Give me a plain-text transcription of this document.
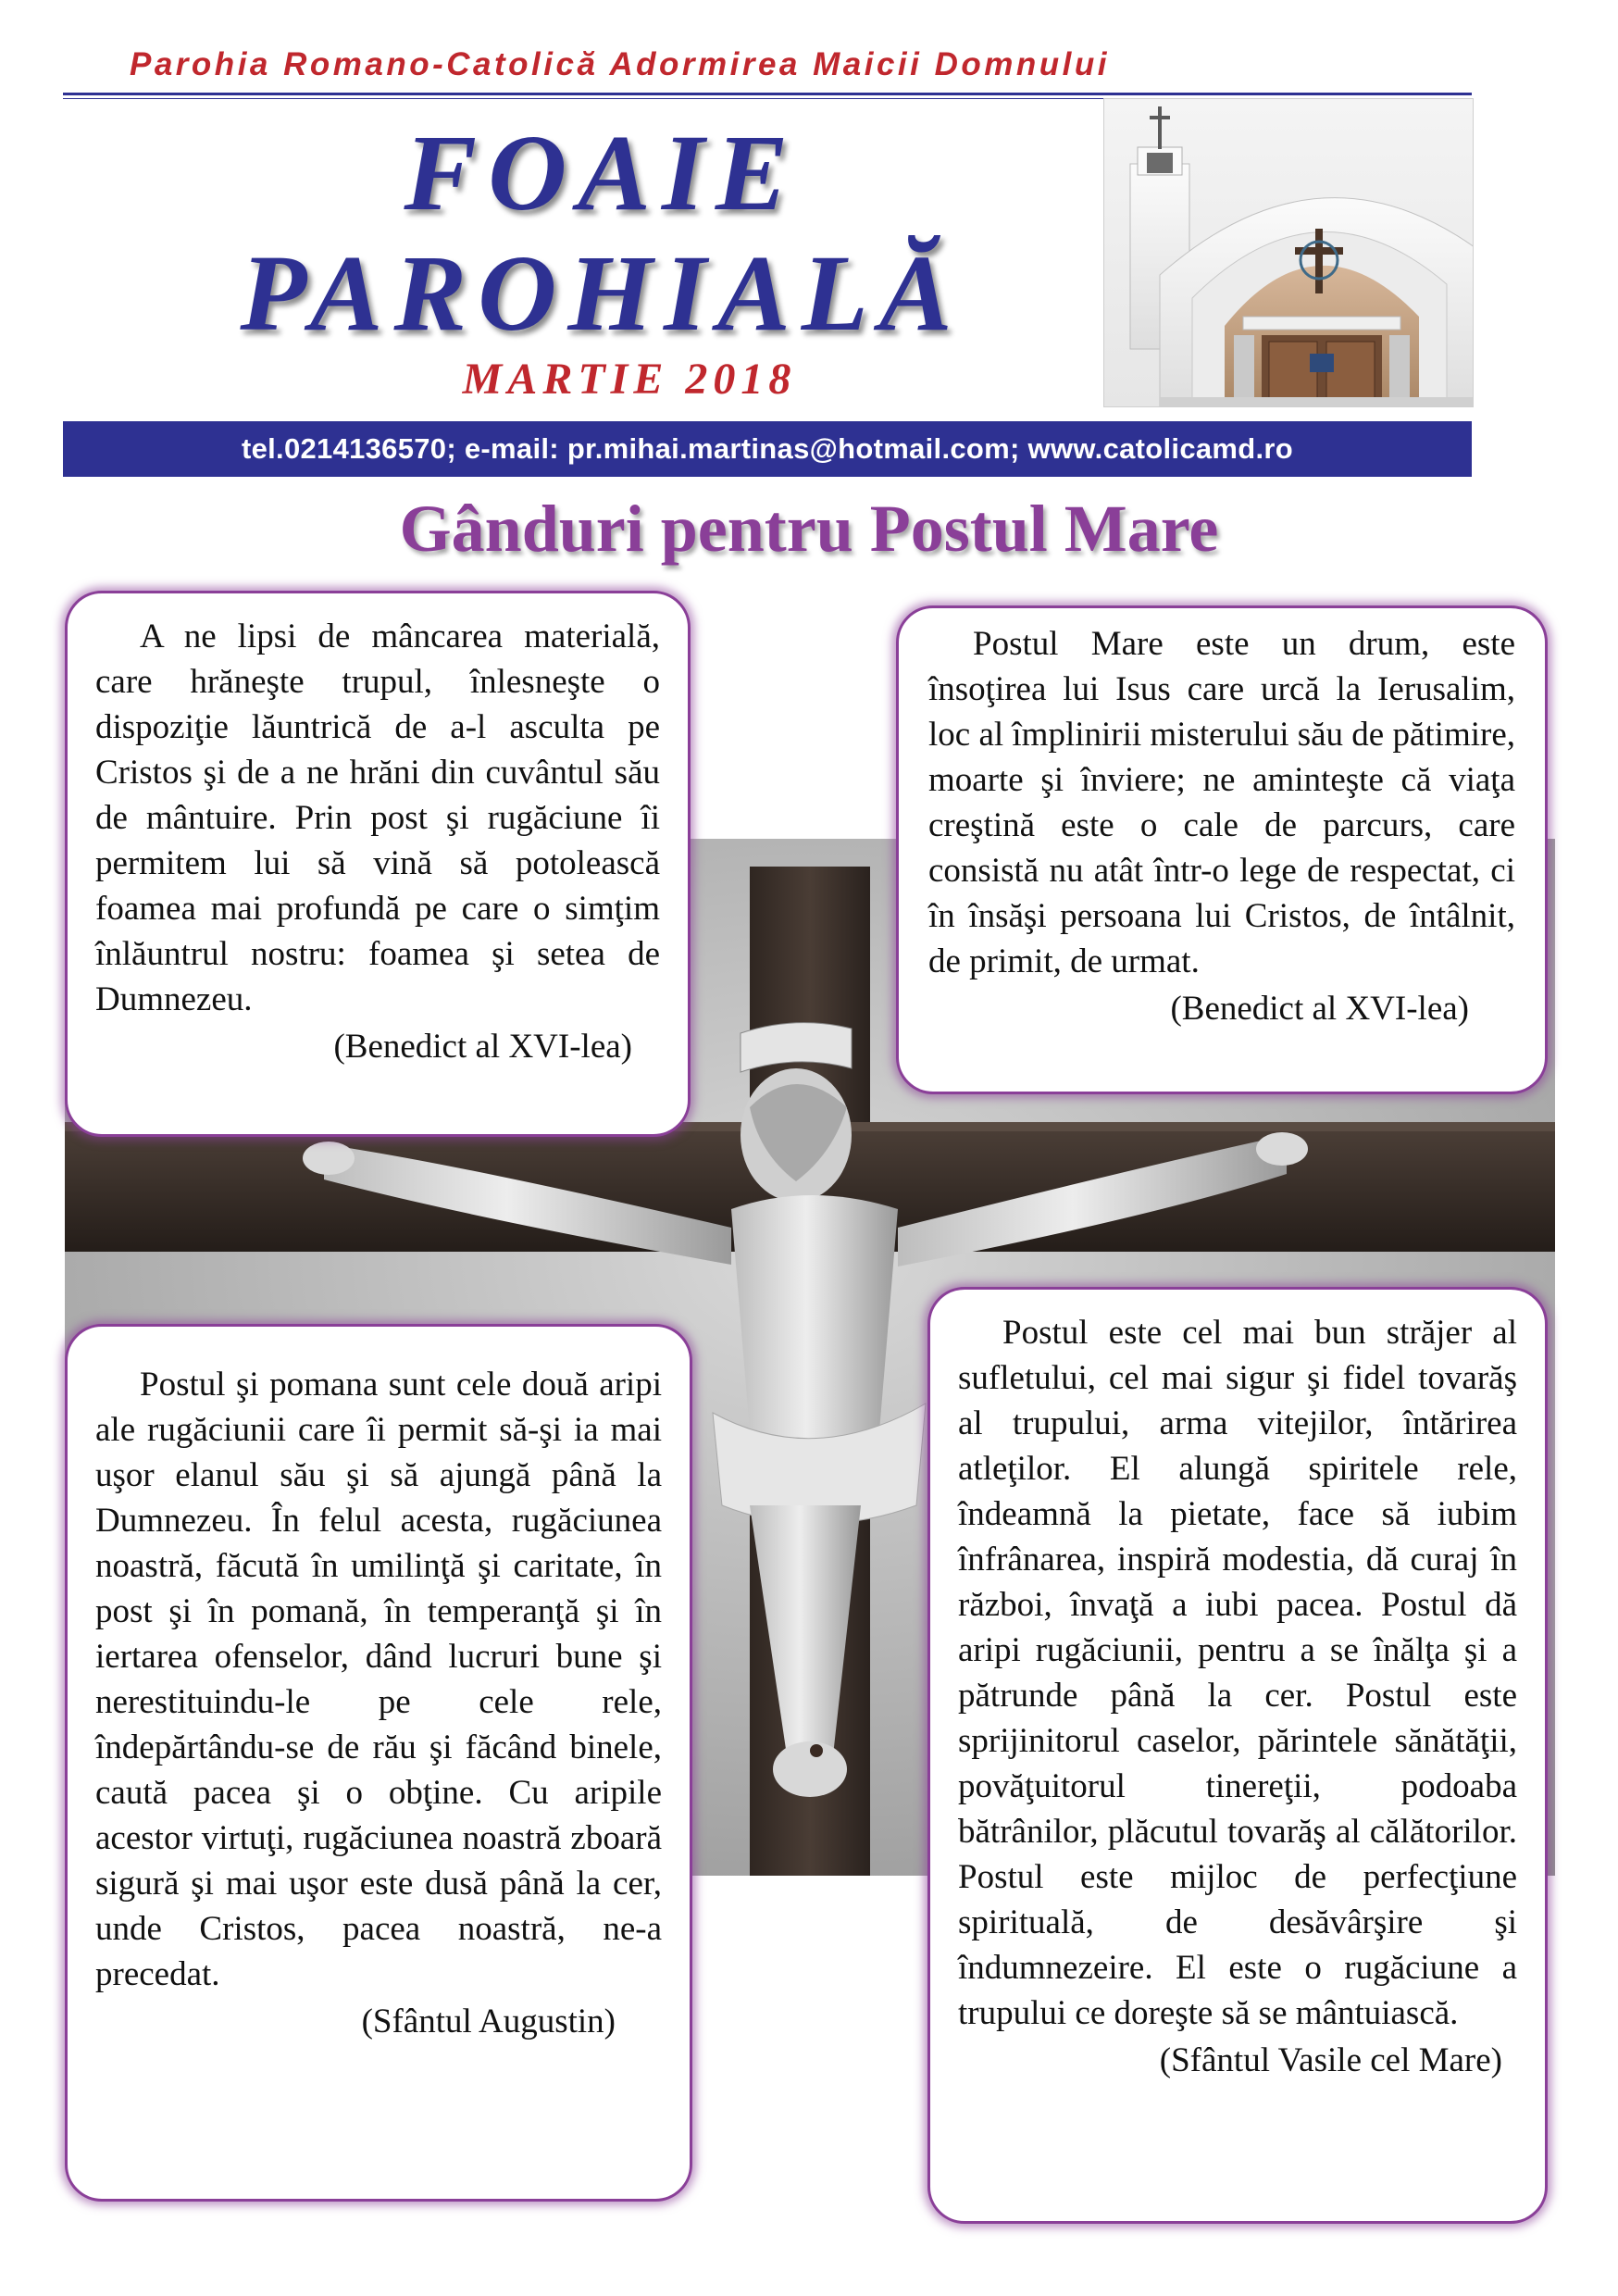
Parohia Romano-Catolică Adormirea Maicii Domnului
FOAIE
PAROHIALĂ
MARTIE 2018
tel.0214136570; e-mail: pr.mihai.martinas@hotmail.com; www.catolicamd.ro
Gânduri pentru Postul Mare

A ne lipsi de mâncarea materială, care hrăneşte trupul, înlesneşte o dispoziţie lăuntrică de a-l asculta pe Cristos şi de a ne hrăni din cuvântul său de mântuire. Prin post şi rugăciune îi permitem lui să vină să potolească foamea mai profundă pe care o simţim înlăuntrul nostru: foamea şi setea de Dumnezeu.

(Benedict al XVI-lea)

Postul Mare este un drum, este însoţirea lui Isus care urcă la Ierusalim, loc al împlinirii misterului său de pătimire, moarte şi înviere; ne aminteşte că viaţa creştină este o cale de parcurs, care consistă nu atât într-o lege de respectat, ci în însăşi persoana lui Cristos, de întâlnit, de primit, de urmat.

(Benedict al XVI-lea)

Postul şi pomana sunt cele două aripi ale rugăciunii care îi permit să-şi ia mai uşor elanul său şi să ajungă până la Dumnezeu. În felul acesta, rugăciunea noastră, făcută în umilinţă şi caritate, în post şi în pomană, în temperanţă şi în iertarea ofenselor, dând lucruri bune şi nerestituindu-le pe cele rele, îndepărtându-se de rău şi făcând binele, caută pacea şi o obţine. Cu aripile acestor virtuţi, rugăciunea noastră zboară sigură şi mai uşor este dusă până la cer, unde Cristos, pacea noastră, ne-a precedat.

(Sfântul Augustin)

Postul este cel mai bun străjer al sufletului, cel mai sigur şi fidel tovarăş al trupului, arma vitejilor, întărirea atleţilor. El alungă spiritele rele, îndeamnă la pietate, face să iubim înfrânarea, inspiră modestia, dă curaj în război, învaţă a iubi pacea. Postul dă aripi rugăciunii, pentru a se înălţa şi a pătrunde până la cer. Postul este sprijinitorul caselor, părintele sănătăţii, povăţuitorul tinereţii, podoaba bătrânilor, plăcutul tovarăş al călătorilor. Postul este mijloc de perfecţiune spirituală, de desăvârşire şi îndumnezeire. El este o rugăciune a trupului ce doreşte să se mântuiască.

(Sfântul Vasile cel Mare)
